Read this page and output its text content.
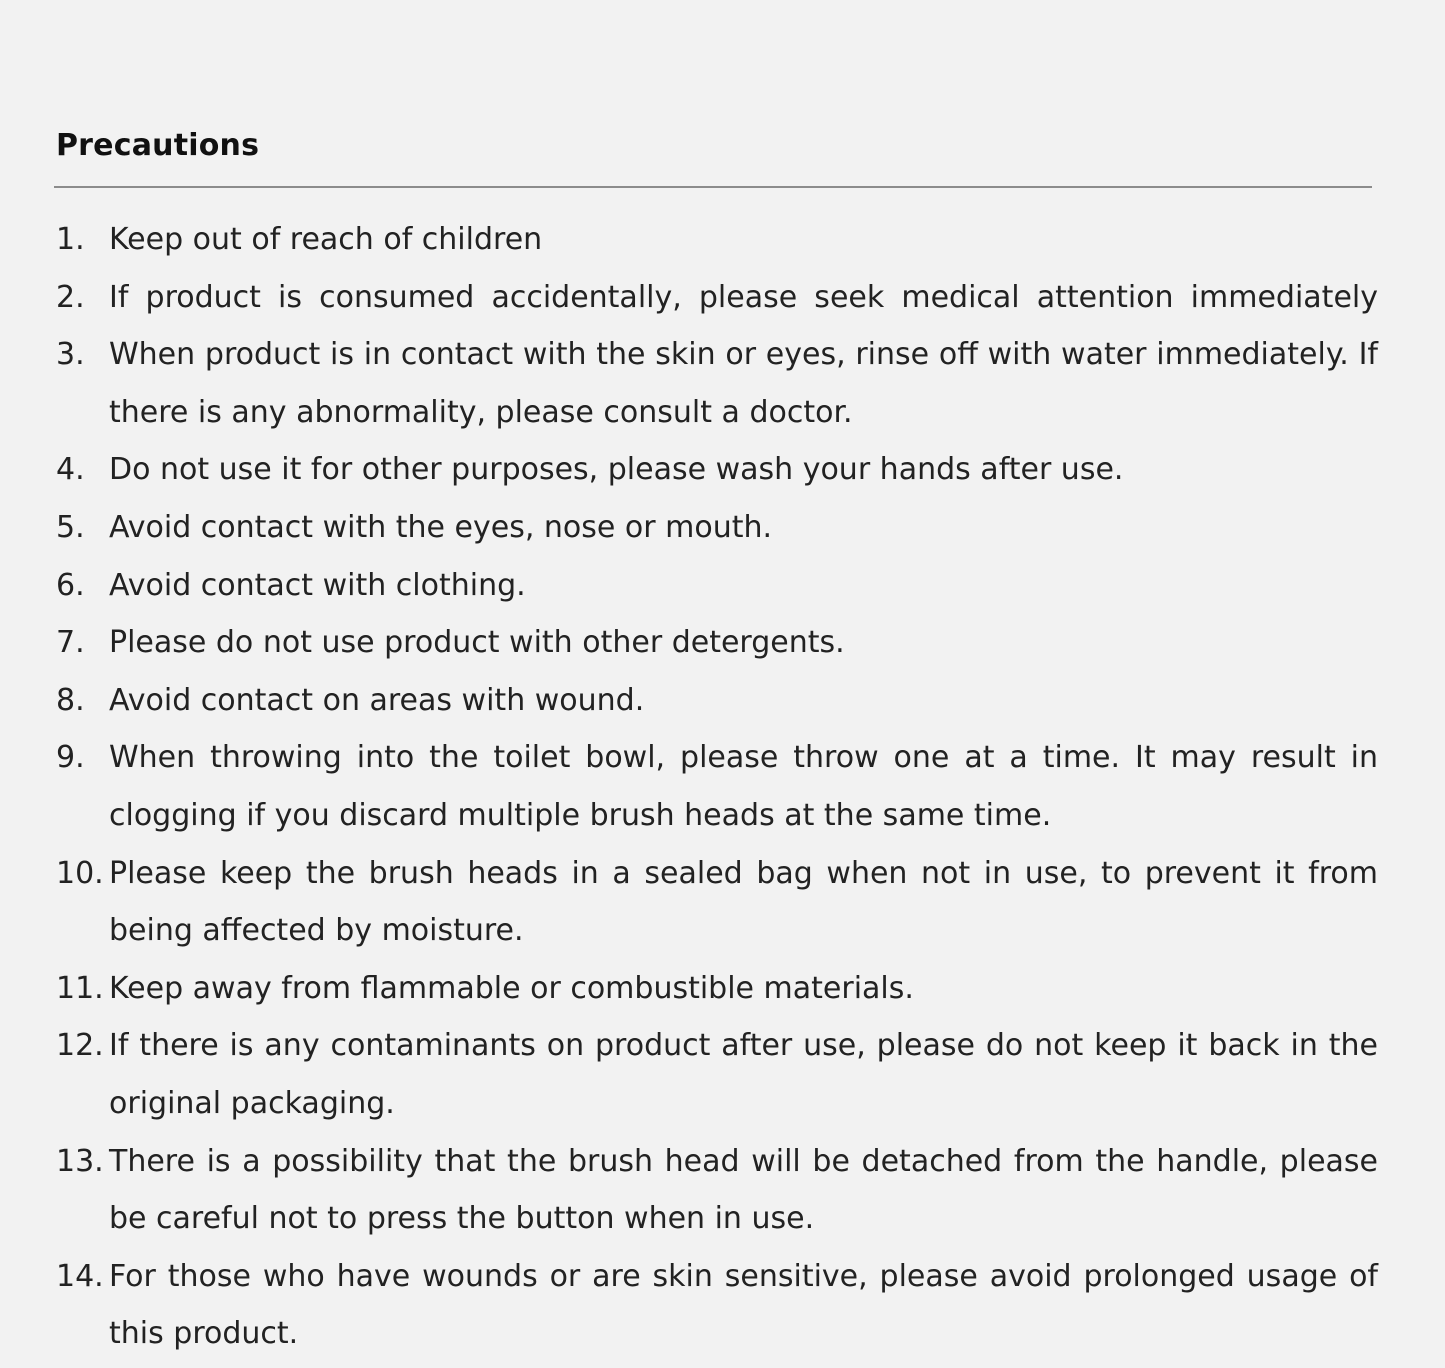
Precautions
1. Keep out of reach of children
2. If product is consumed accidentally, please seek medical attention immediately
3. When product is in contact with the skin or eyes, rinse off with water immediately. If there is any abnormality, please consult a doctor.
4. Do not use it for other purposes, please wash your hands after use.
5. Avoid contact with the eyes, nose or mouth.
6. Avoid contact with clothing.
7. Please do not use product with other detergents.
8. Avoid contact on areas with wound.
9. When throwing into the toilet bowl, please throw one at a time. It may result in clogging if you discard multiple brush heads at the same time.
10. Please keep the brush heads in a sealed bag when not in use, to prevent it from being affected by moisture.
11. Keep away from flammable or combustible materials.
12. If there is any contaminants on product after use, please do not keep it back in the original packaging.
13. There is a possibility that the brush head will be detached from the handle, please be careful not to press the button when in use.
14. For those who have wounds or are skin sensitive, please avoid prolonged usage of this product.
